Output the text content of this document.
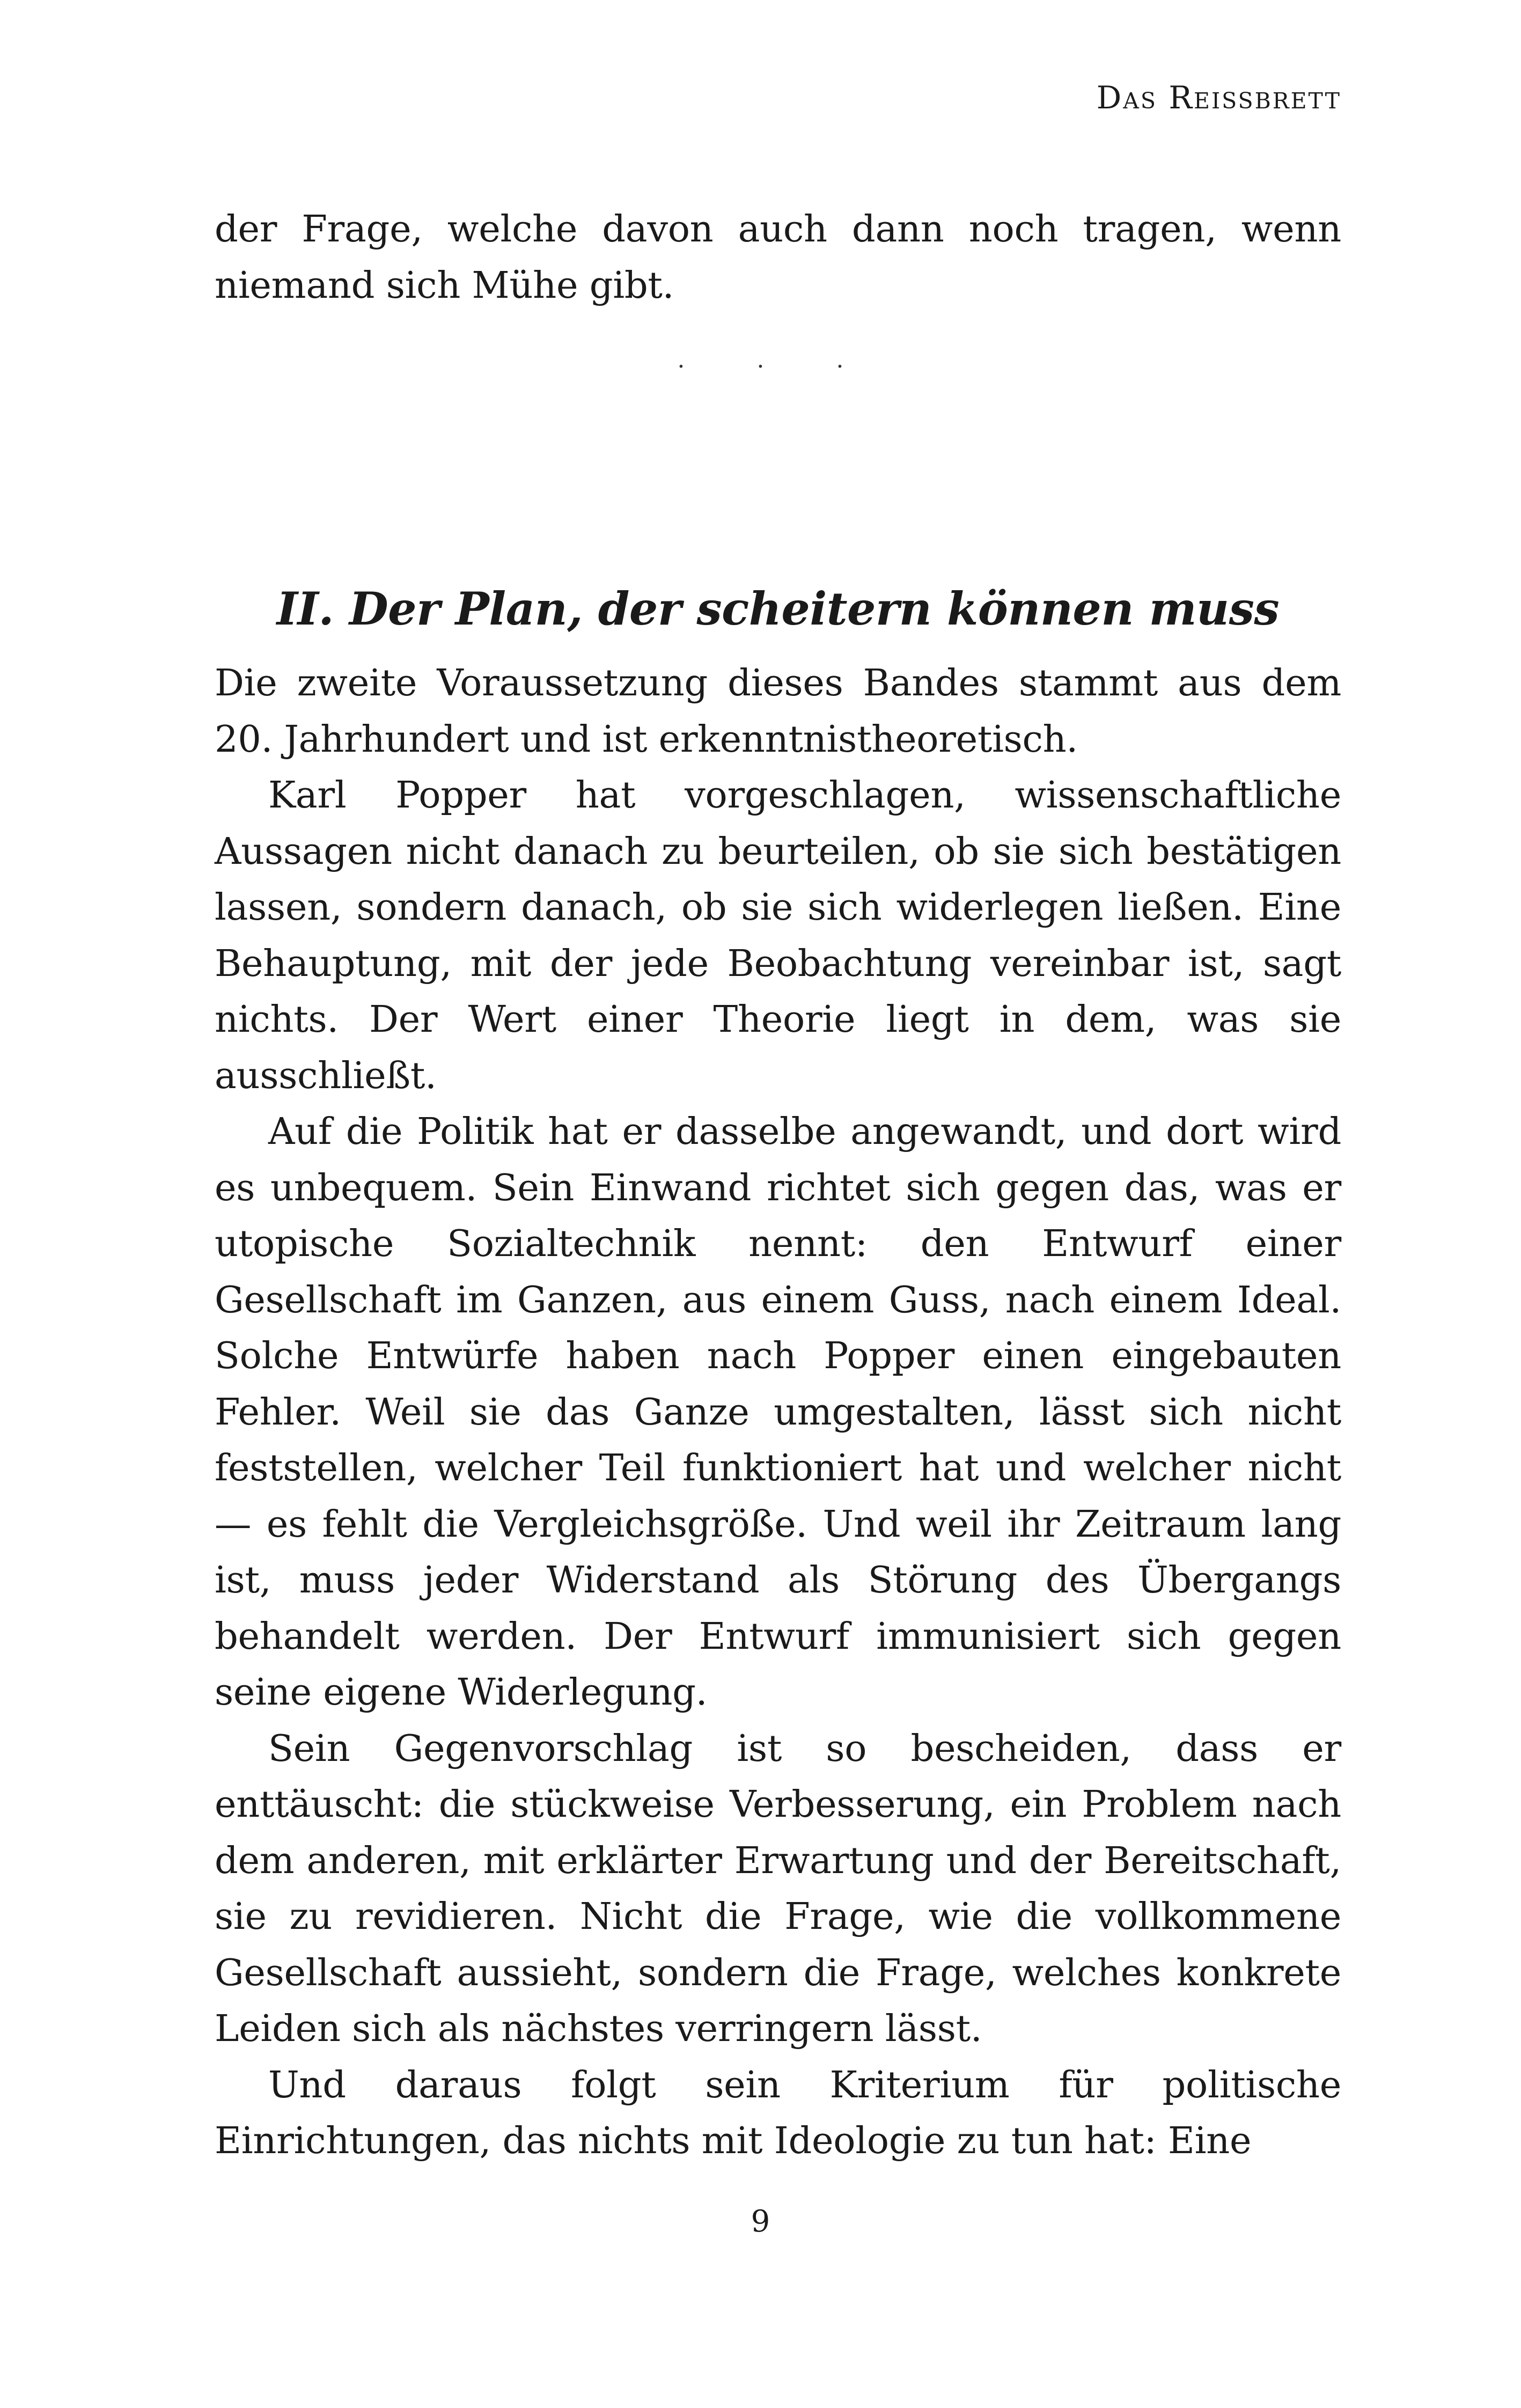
Das Reissbrett

der Frage, welche davon auch dann noch tragen, wenn niemand sich Mühe gibt.

· · ·
II. Der Plan, der scheitern können muss

Die zweite Voraussetzung dieses Bandes stammt aus dem 20. Jahrhundert und ist erkenntnistheoretisch.

Karl Popper hat vorgeschlagen, wissenschaftliche Aussagen nicht danach zu beurteilen, ob sie sich bestätigen lassen, sondern danach, ob sie sich widerlegen ließen. Eine Behauptung, mit der jede Beobachtung vereinbar ist, sagt nichts. Der Wert einer Theorie liegt in dem, was sie ausschließt.

Auf die Politik hat er dasselbe angewandt, und dort wird es unbequem. Sein Einwand richtet sich gegen das, was er utopische Sozialtechnik nennt: den Entwurf einer Gesellschaft im Ganzen, aus einem Guss, nach einem Ideal. Solche Entwürfe haben nach Popper einen eingebauten Fehler. Weil sie das Ganze umgestalten, lässt sich nicht feststellen, welcher Teil funktioniert hat und welcher nicht — es fehlt die Vergleichsgröße. Und weil ihr Zeitraum lang ist, muss jeder Widerstand als Störung des Übergangs behandelt werden. Der Entwurf immunisiert sich gegen seine eigene Widerlegung.

Sein Gegenvorschlag ist so bescheiden, dass er enttäuscht: die stückweise Verbesserung, ein Problem nach dem anderen, mit erklärter Erwartung und der Bereitschaft, sie zu revidieren. Nicht die Frage, wie die vollkommene Gesellschaft aussieht, sondern die Frage, welches konkrete Leiden sich als nächstes verringern lässt.

Und daraus folgt sein Kriterium für politische Einrichtungen, das nichts mit Ideologie zu tun hat: Eine

9
